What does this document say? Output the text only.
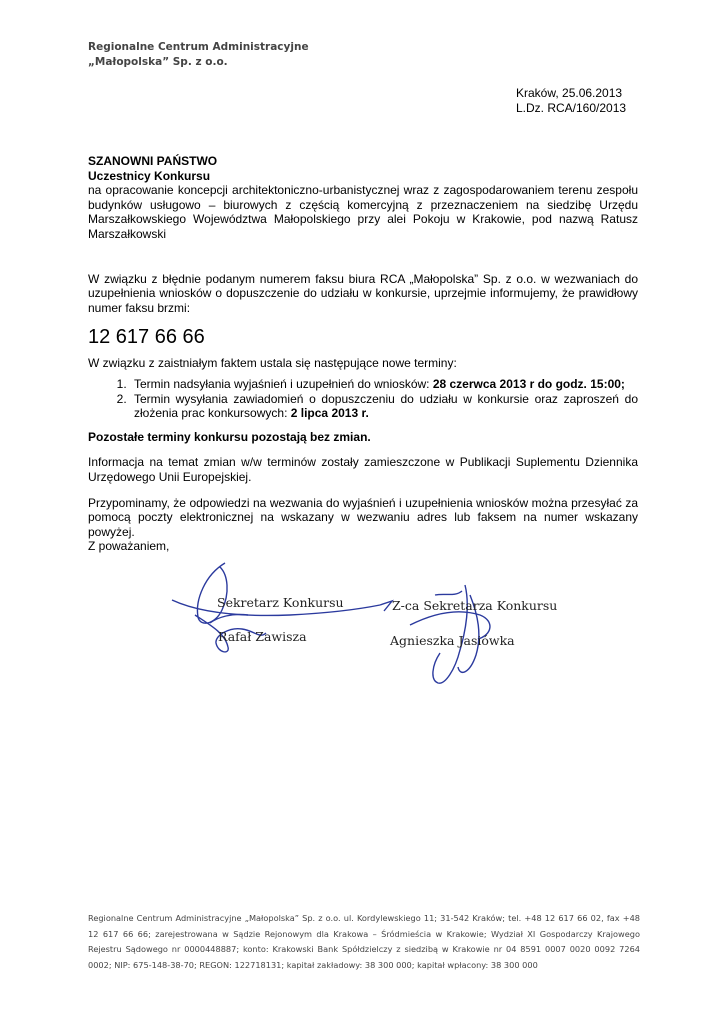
Regionalne Centrum Administracyjne
„Małopolska” Sp. z o.o.
Kraków, 25.06.2013
L.Dz. RCA/160/2013

SZANOWNI PAŃSTWO

Uczestnicy Konkursu

na opracowanie koncepcji architektoniczno-urbanistycznej wraz z zagospodarowaniem terenu zespołu budynków usługowo – biurowych z częścią komercyjną z przeznaczeniem na siedzibę Urzędu Marszałkowskiego Województwa Małopolskiego przy alei Pokoju w Krakowie, pod nazwą Ratusz Marszałkowski

W związku z błędnie podanym numerem faksu biura RCA „Małopolska” Sp. z o.o. w wezwaniach do uzupełnienia wniosków o dopuszczenie do udziału w konkursie, uprzejmie informujemy, że prawidłowy numer faksu brzmi:

12 617 66 66

W związku z zaistniałym faktem ustala się następujące nowe terminy:

1. Termin nadsyłania wyjaśnień i uzupełnień do wniosków: 28 czerwca 2013 r do godz. 15:00;
2. Termin wysyłania zawiadomień o dopuszczeniu do udziału w konkursie oraz zaproszeń do złożenia prac konkursowych: 2 lipca 2013 r.

Pozostałe terminy konkursu pozostają bez zmian.

Informacja na temat zmian w/w terminów zostały zamieszczone w Publikacji Suplementu Dziennika Urzędowego Unii Europejskiej.

Przypominamy, że odpowiedzi na wezwania do wyjaśnień i uzupełnienia wniosków można przesyłać za pomocą poczty elektronicznej na wskazany w wezwaniu adres lub faksem na numer wskazany powyżej.

Z poważaniem,
Sekretarz Konkursu
Rafał Zawisza
Z-ca Sekretarza Konkursu
Agnieszka Jasiówka
Regionalne Centrum Administracyjne „Małopolska” Sp. z o.o. ul. Kordylewskiego 11; 31-542 Kraków; tel. +48 12 617 66 02, fax +48 12 617 66 66; zarejestrowana w Sądzie Rejonowym dla Krakowa – Śródmieścia w Krakowie; Wydział XI Gospodarczy Krajowego Rejestru Sądowego nr 0000448887; konto: Krakowski Bank Spółdzielczy z siedzibą w Krakowie nr 04 8591 0007 0020 0092 7264 0002; NIP: 675-148-38-70; REGON: 122718131; kapitał zakładowy: 38 300 000; kapitał wpłacony: 38 300 000
